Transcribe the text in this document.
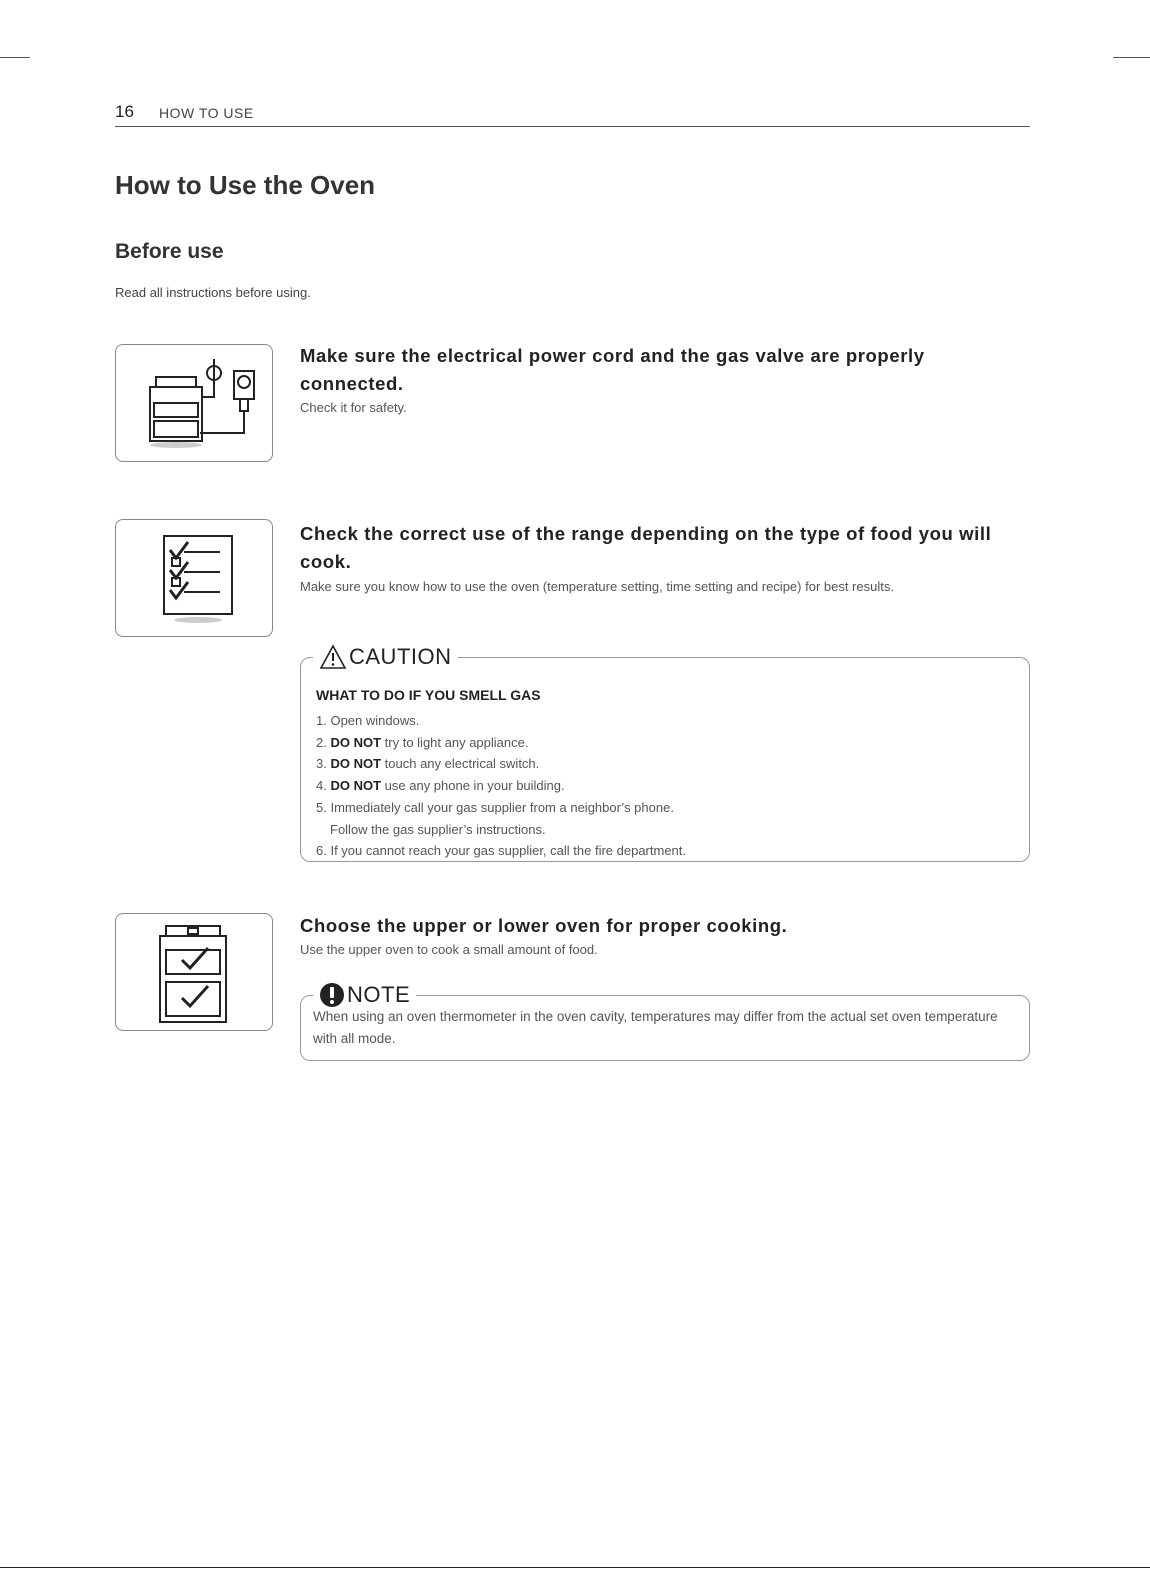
16 HOW TO USE
How to Use the Oven
Before use

Read all instructions before using.

Make sure the electrical power cord and the gas valve are properly connected.

Check it for safety.

Check the correct use of the range depending on the type of food you will cook.

Make sure you know how to use the oven (temperature setting, time setting and recipe) for best results.

CAUTION

WHAT TO DO IF YOU SMELL GAS

1. Open windows.
2. DO NOT try to light any appliance.
3. DO NOT touch any electrical switch.
4. DO NOT use any phone in your building.
5. Immediately call your gas supplier from a neighbor’s phone.
Follow the gas supplier’s instructions.
6. If you cannot reach your gas supplier, call the fire department.
Choose the upper or lower oven for proper cooking.

Use the upper oven to cook a small amount of food.

NOTE

When using an oven thermometer in the oven cavity, temperatures may differ from the actual set oven temperature with all mode.
